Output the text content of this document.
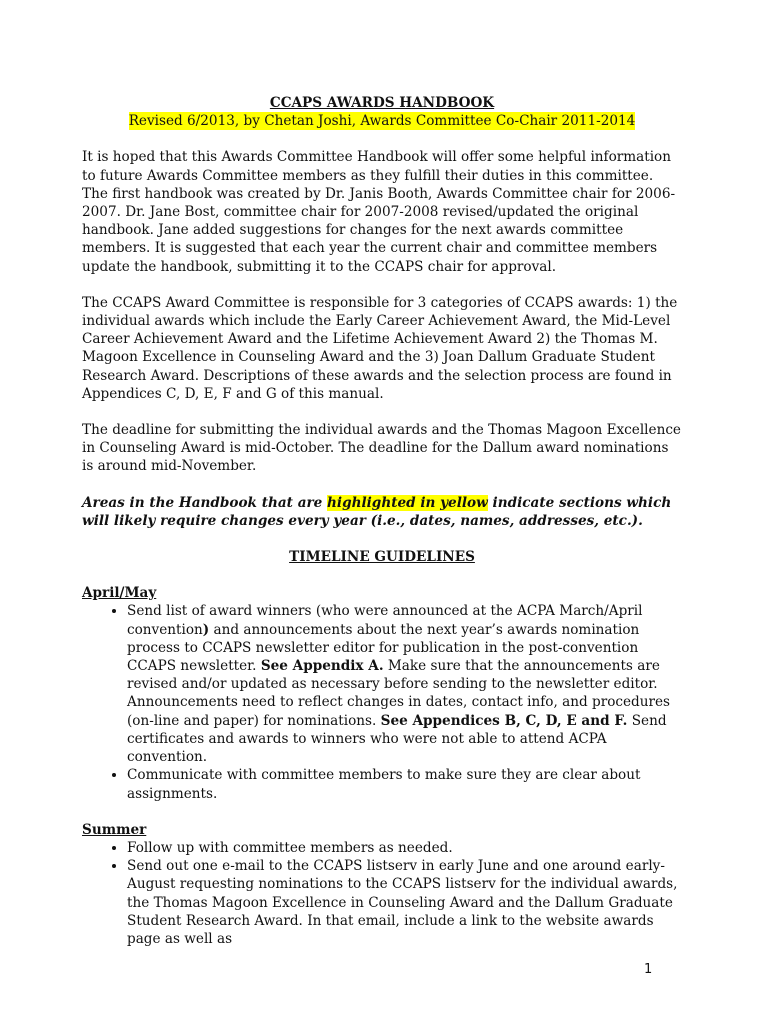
CCAPS AWARDS HANDBOOK

Revised 6/2013, by Chetan Joshi, Awards Committee Co-Chair 2011-2014

It is hoped that this Awards Committee Handbook will offer some helpful information to future Awards Committee members as they fulfill their duties in this committee. The first handbook was created by Dr. Janis Booth, Awards Committee chair for 2006-2007. Dr. Jane Bost, committee chair for 2007-2008 revised/updated the original handbook. Jane added suggestions for changes for the next awards committee members. It is suggested that each year the current chair and committee members update the handbook, submitting it to the CCAPS chair for approval.

The CCAPS Award Committee is responsible for 3 categories of CCAPS awards: 1) the individual awards which include the Early Career Achievement Award, the Mid-Level Career Achievement Award and the Lifetime Achievement Award 2) the Thomas M. Magoon Excellence in Counseling Award and the 3) Joan Dallum Graduate Student Research Award. Descriptions of these awards and the selection process are found in Appendices C, D, E, F and G of this manual.

The deadline for submitting the individual awards and the Thomas Magoon Excellence in Counseling Award is mid-October. The deadline for the Dallum award nominations is around mid-November.

Areas in the Handbook that are highlighted in yellow indicate sections which will likely require changes every year (i.e., dates, names, addresses, etc.).

TIMELINE GUIDELINES

April/May

• Send list of award winners (who were announced at the ACPA March/April convention) and announcements about the next year’s awards nomination process to CCAPS newsletter editor for publication in the post-convention CCAPS newsletter. See Appendix A. Make sure that the announcements are revised and/or updated as necessary before sending to the newsletter editor. Announcements need to reflect changes in dates, contact info, and procedures (on-line and paper) for nominations. See Appendices B, C, D, E and F. Send certificates and awards to winners who were not able to attend ACPA convention.
• Communicate with committee members to make sure they are clear about assignments.

Summer

• Follow up with committee members as needed.
• Send out one e-mail to the CCAPS listserv in early June and one around early-August requesting nominations to the CCAPS listserv for the individual awards, the Thomas Magoon Excellence in Counseling Award and the Dallum Graduate Student Research Award. In that email, include a link to the website awards page as well as
1
